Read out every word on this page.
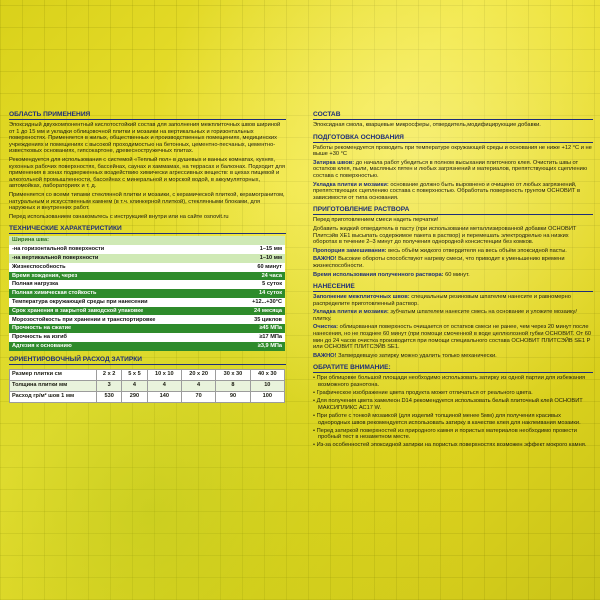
ОБЛАСТЬ ПРИМЕНЕНИЯ

Эпоксидный двухкомпонентный кислотостойкий состав для заполнения межплиточных швов шириной от 1 до 15 мм и укладки облицовочной плитки и мозаики на вертикальных и горизонтальных поверхностях. Применяется в жилых, общественных и производственных помещениях, медицинских учреждениях и помещениях с высокой проходимостью на бетонных, цементно-песчаных, цементно-известковых основаниях, гипсокартоне, древесностружечных плитах.

Рекомендуется для использования с системой «Теплый пол» в душевых и ванных комнатах, кухнях, кухонных рабочих поверхностях, бассейнах, саунах и хаммамах, на террасах и балконах. Подходит для применения в зонах подверженных воздействию химически агрессивных веществ: в цехах пищевой и алкогольной промышленности, бассейнах с минеральной и морской водой, в аккумуляторных, автомойках, лабораториях и т. д.

Применяется со всеми типами стеклянной плитки и мозаики, с керамической плиткой, керамогранитом, натуральным и искусственным камнем (в т.ч. клинкерной плиткой), стеклянными блоками, для наружных и внутренних работ.

Перед использованием ознакомьтесь с инструкцией внутри или на сайте osnovit.ru

ТЕХНИЧЕСКИЕ ХАРАКТЕРИСТИКИ
Ширина шва:	
-на горизонтальной поверхности	1–15 мм
-на вертикальной поверхности	1–10 мм
Жизнеспособность	60 минут
Время хождения, через	24 часа
Полная нагрузка	5 суток
Полная химическая стойкость	14 суток
Температура окружающей среды при нанесении	+12...+30°С
Срок хранения в закрытой заводской упаковке	24 месяца
Морозостойкость при хранении и транспортировке	35 циклов
Прочность на сжатие	≥45 МПа
Прочность на изгиб	≥17 МПа
Адгезия к основанию	≥3,9 МПа
ОРИЕНТИРОВОЧНЫЙ РАСХОД ЗАТИРКИ
Размер плитки см	2 х 2	5 х 5	10 х 10	20 х 20	30 х 30	40 х 30
Толщина плитки мм	3	4	4	4	8	10
Расход гр/м² шов 1 мм	530	290	140	70	90	100
СОСТАВ

Эпоксидная смола, кварцевые микросферы, отвердитель,модифицирующие добавки.

ПОДГОТОВКА ОСНОВАНИЯ

Работы рекомендуется проводить при температуре окружающей среды и основания не ниже +12 °С и не выше +30 °С

Затирка швов: до начала работ убедиться в полном высыхании плиточного клея. Очистить швы от остатков клея, пыли, масляных пятен и любых загрязнений и материалов, препятствующих сцеплению состава с поверхностью.

Укладка плитки и мозаики: основание должно быть выровнено и очищено от любых загрязнений, препятствующих сцеплению состава с поверхностью. Обработать поверхность грунтом ОСНОВИТ в зависимости от типа основания.

ПРИГОТОВЛЕНИЕ РАСТВОРА

Перед приготовлением смеси надеть перчатки!

Добавить жидкий отвердитель в пасту (при использовании металлизированной добавки ОСНОВИТ Плитсэйв ХЕ1 высыпать содержимое пакета в раствор) и перемешать электродрелью на низких оборотах в течение 2–3 минут до получения однородной консистенции без комков.

Пропорция замешивания: весь объём жидкого отвердителя на весь объём эпоксидной пасты.

ВАЖНО! Высокие обороты способствуют нагреву смеси, что приводит к уменьшению времени жизнеспособности.

Время использования полученного раствора: 60 минут.

НАНЕСЕНИЕ

Заполнение межплиточных швов: специальным резиновым шпателем нанесите и равномерно распределите приготовленный раствор.

Укладка плитки и мозаики: зубчатым шпателем нанесите смесь на основание и уложите мозаику/плитку.

Очистка: облицованная поверхность очищается от остатков смеси не ранее, чем через 20 минут после нанесения, но не позднее 60 минут (при помощи смоченной в воде целлюлозной губки ОСНОВИТ. От 60 мин до 24 часов очистка производится при помощи специального состава ОСНОВИТ ПЛИТСЭЙВ SE1 Р или ОСНОВИТ ПЛИТСЭЙВ SE1.

ВАЖНО! Затвердевшую затирку можно удалить только механически.

ОБРАТИТЕ ВНИМАНИЕ:
• При облицовке большой площади необходимо использовать затирку из одной партии для избежания возможного разнотона.
• Графическое изображение цвета продукта может отличаться от реального цвета.
• Для получения цвета хамелеон D14 рекомендуется использовать белый плиточный клей ОСНОВИТ МАКСИПЛИКС АС17 W.
• При работе с тонкой мозаикой (для изделий толщиной менее 5мм) для получения красивых однородных швов рекомендуется использовать затирку в качестве клея для наклеивания мозаики.
• Перед затиркой поверхностей из природного камня и пористых материалов необходимо провести пробный тест в незаметном месте.
• Из-за особенностей эпоксидной затирки на пористых поверхностях возможен эффект мокрого камня.
